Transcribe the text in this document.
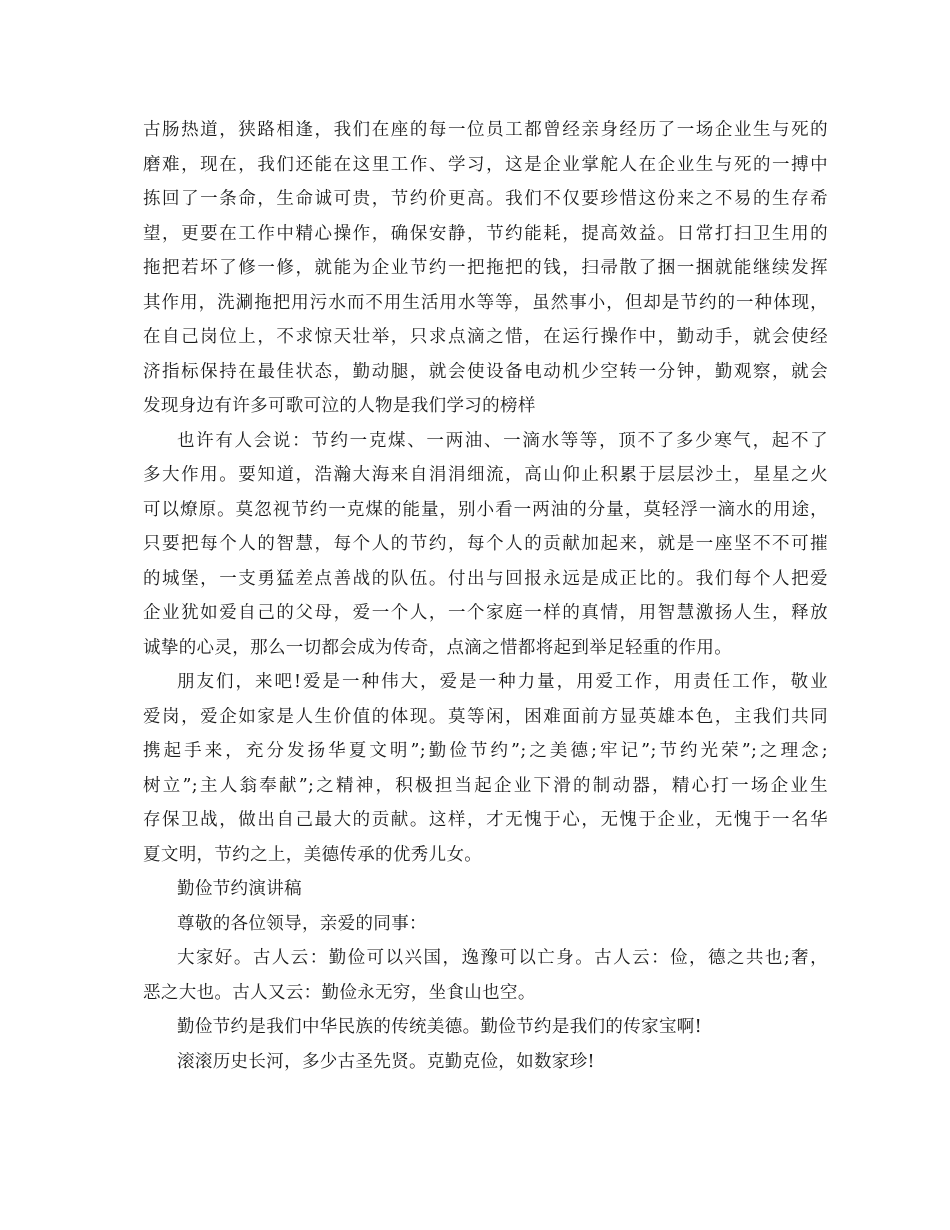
古肠热道，狭路相逢，我们在座的每一位员工都曾经亲身经历了一场企业生与死的
磨难，现在，我们还能在这里工作、学习，这是企业掌舵人在企业生与死的一搏中
拣回了一条命，生命诚可贵，节约价更高。我们不仅要珍惜这份来之不易的生存希
望，更要在工作中精心操作，确保安静，节约能耗，提高效益。日常打扫卫生用的
拖把若坏了修一修，就能为企业节约一把拖把的钱，扫帚散了捆一捆就能继续发挥
其作用，洗涮拖把用污水而不用生活用水等等，虽然事小，但却是节约的一种体现，
在自己岗位上，不求惊天壮举，只求点滴之惜，在运行操作中，勤动手，就会使经
济指标保持在最佳状态，勤动腿，就会使设备电动机少空转一分钟，勤观察，就会
发现身边有许多可歌可泣的人物是我们学习的榜样
也许有人会说：节约一克煤、一两油、一滴水等等，顶不了多少寒气，起不了
多大作用。要知道，浩瀚大海来自涓涓细流，高山仰止积累于层层沙土，星星之火
可以燎原。莫忽视节约一克煤的能量，别小看一两油的分量，莫轻浮一滴水的用途，
只要把每个人的智慧，每个人的节约，每个人的贡献加起来，就是一座坚不不可摧
的城堡，一支勇猛差点善战的队伍。付出与回报永远是成正比的。我们每个人把爱
企业犹如爱自己的父母，爱一个人，一个家庭一样的真情，用智慧激扬人生，释放
诚挚的心灵，那么一切都会成为传奇，点滴之惜都将起到举足轻重的作用。
朋友们，来吧!爱是一种伟大，爱是一种力量，用爱工作，用责任工作，敬业
爱岗，爱企如家是人生价值的体现。莫等闲，困难面前方显英雄本色，主我们共同
携起手来，充分发扬华夏文明”;勤俭节约”;之美德;牢记”;节约光荣”;之理念;
树立”;主人翁奉献”;之精神，积极担当起企业下滑的制动器，精心打一场企业生
存保卫战，做出自己最大的贡献。这样，才无愧于心，无愧于企业，无愧于一名华
夏文明，节约之上，美德传承的优秀儿女。
勤俭节约演讲稿
尊敬的各位领导，亲爱的同事：
大家好。古人云：勤俭可以兴国，逸豫可以亡身。古人云：俭，德之共也;奢，
恶之大也。古人又云：勤俭永无穷，坐食山也空。
勤俭节约是我们中华民族的传统美德。勤俭节约是我们的传家宝啊!
滚滚历史长河，多少古圣先贤。克勤克俭，如数家珍!
